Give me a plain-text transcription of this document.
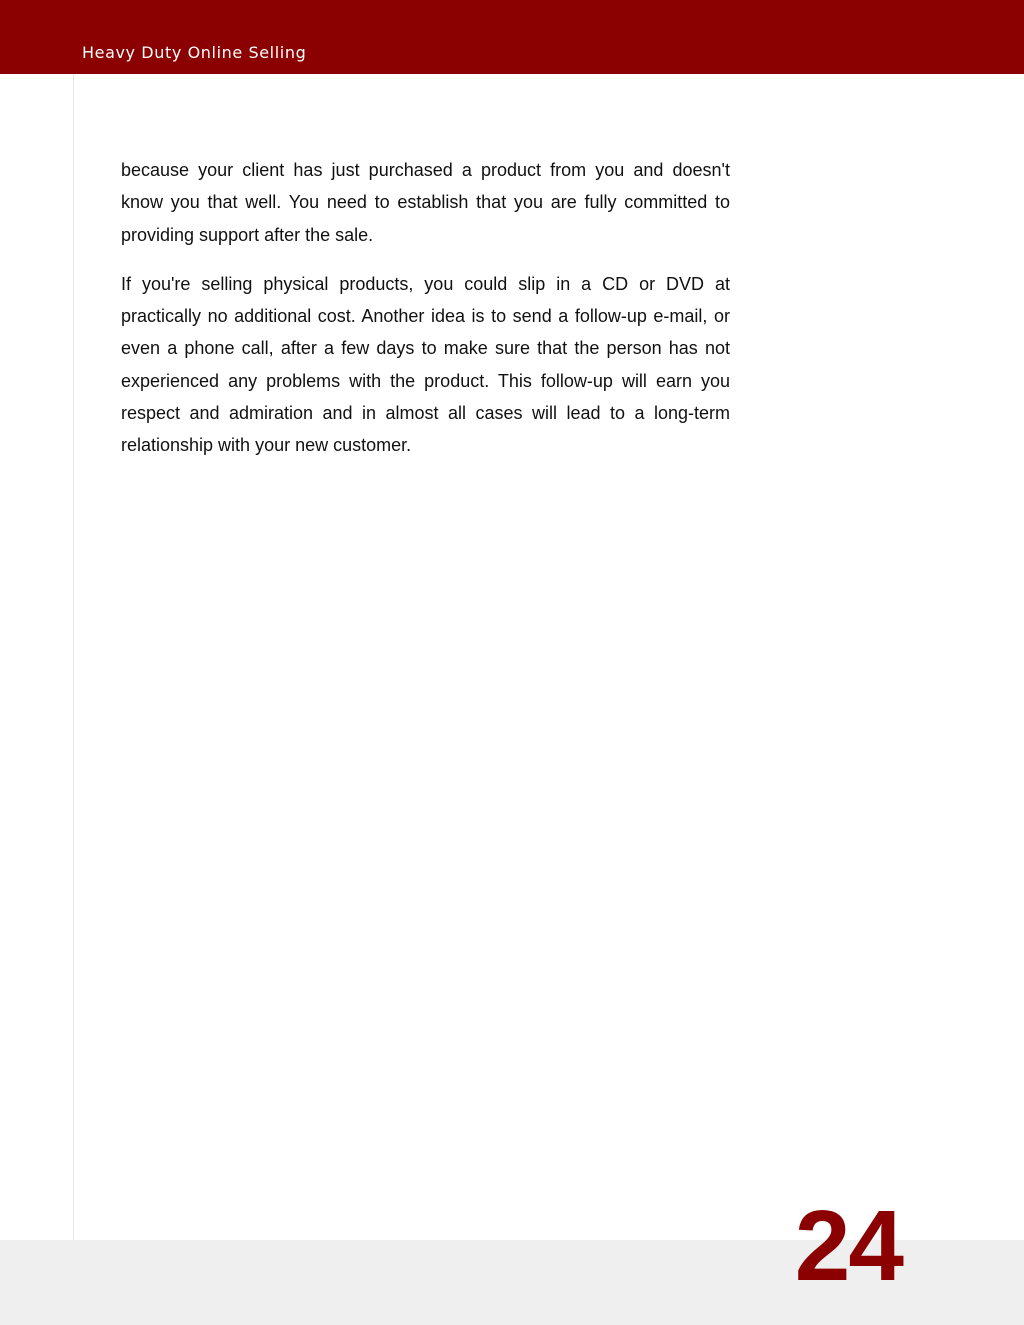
Heavy Duty Online Selling

because your client has just purchased a product from you and doesn't know you that well. You need to establish that you are fully committed to providing support after the sale.

If you're selling physical products, you could slip in a CD or DVD at practically no additional cost. Another idea is to send a follow-up e-mail, or even a phone call, after a few days to make sure that the person has not experienced any problems with the product. This follow-up will earn you respect and admiration and in almost all cases will lead to a long-term relationship with your new customer.

24
